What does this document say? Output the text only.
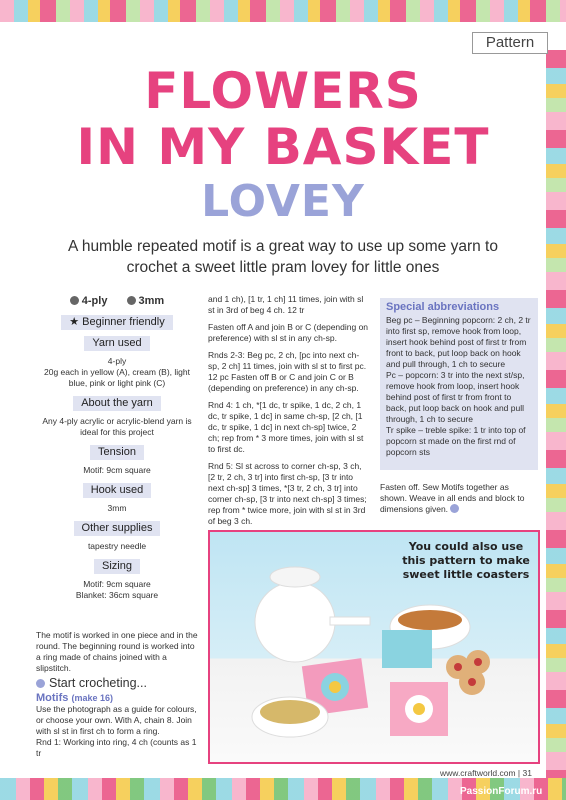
Pattern
FLOWERS
IN MY BASKET
LOVEY
A humble repeated motif is a great way to use up some yarn to crochet a sweet little pram lovey for little ones
4-ply	3mm
★ Beginner friendly
Yarn used

4-ply
20g each in yellow (A), cream (B), light blue, pink or light pink (C)

About the yarn

Any 4-ply acrylic or acrylic-blend yarn is ideal for this project

Tension

Motif: 9cm square

Hook used

3mm

Other supplies

tapestry needle

Sizing

Motif: 9cm square
Blanket: 36cm square

The motif is worked in one piece and in the round. The beginning round is worked into a ring made of chains joined with a slipstitch.
Start crocheting...
Motifs (make 16)
Use the photograph as a guide for colours, or choose your own. With A, chain 8. Join with sl st in first ch to form a ring.
Rnd 1: Working into ring, 4 ch (counts as 1 tr

and 1 ch), [1 tr, 1 ch] 11 times, join with sl st in 3rd of beg 4 ch. 12 tr

Fasten off A and join B or C (depending on preference) with sl st in any ch-sp.

Rnds 2-3: Beg pc, 2 ch, [pc into next ch-sp, 2 ch] 11 times, join with sl st to first pc. 12 pc Fasten off B or C and join C or B (depending on preference) in any ch-sp.

Rnd 4: 1 ch, *[1 dc, tr spike, 1 dc, 2 ch, 1 dc, tr spike, 1 dc] in same ch-sp, [2 ch, [1 dc, tr spike, 1 dc] in next ch-sp] twice, 2 ch; rep from * 3 more times, join with sl st to first dc.

Rnd 5: Sl st across to corner ch-sp, 3 ch, [2 tr, 2 ch, 3 tr] into first ch-sp, [3 tr into next ch-sp] 3 times, *[3 tr, 2 ch, 3 tr] into corner ch-sp, [3 tr into next ch-sp] 3 times; rep from * twice more, join with sl st in 3rd of beg 3 ch.

Special abbreviations
Beg pc – Beginning popcorn: 2 ch, 2 tr into first sp, remove hook from loop, insert hook behind post of first tr from front to back, put loop back on hook and pull through, 1 ch to secure
Pc – popcorn: 3 tr into the next st/sp, remove hook from loop, insert hook behind post of first tr from front to back, put loop back on hook and pull through, 1 ch to secure
Tr spike – treble spike: 1 tr into top of popcorn st made on the first rnd of popcorn sts
Fasten off. Sew Motifs together as shown. Weave in all ends and block to dimensions given.
You could also use this pattern to make sweet little coasters
www.craftworld.com | 31
PassionForum.ru
